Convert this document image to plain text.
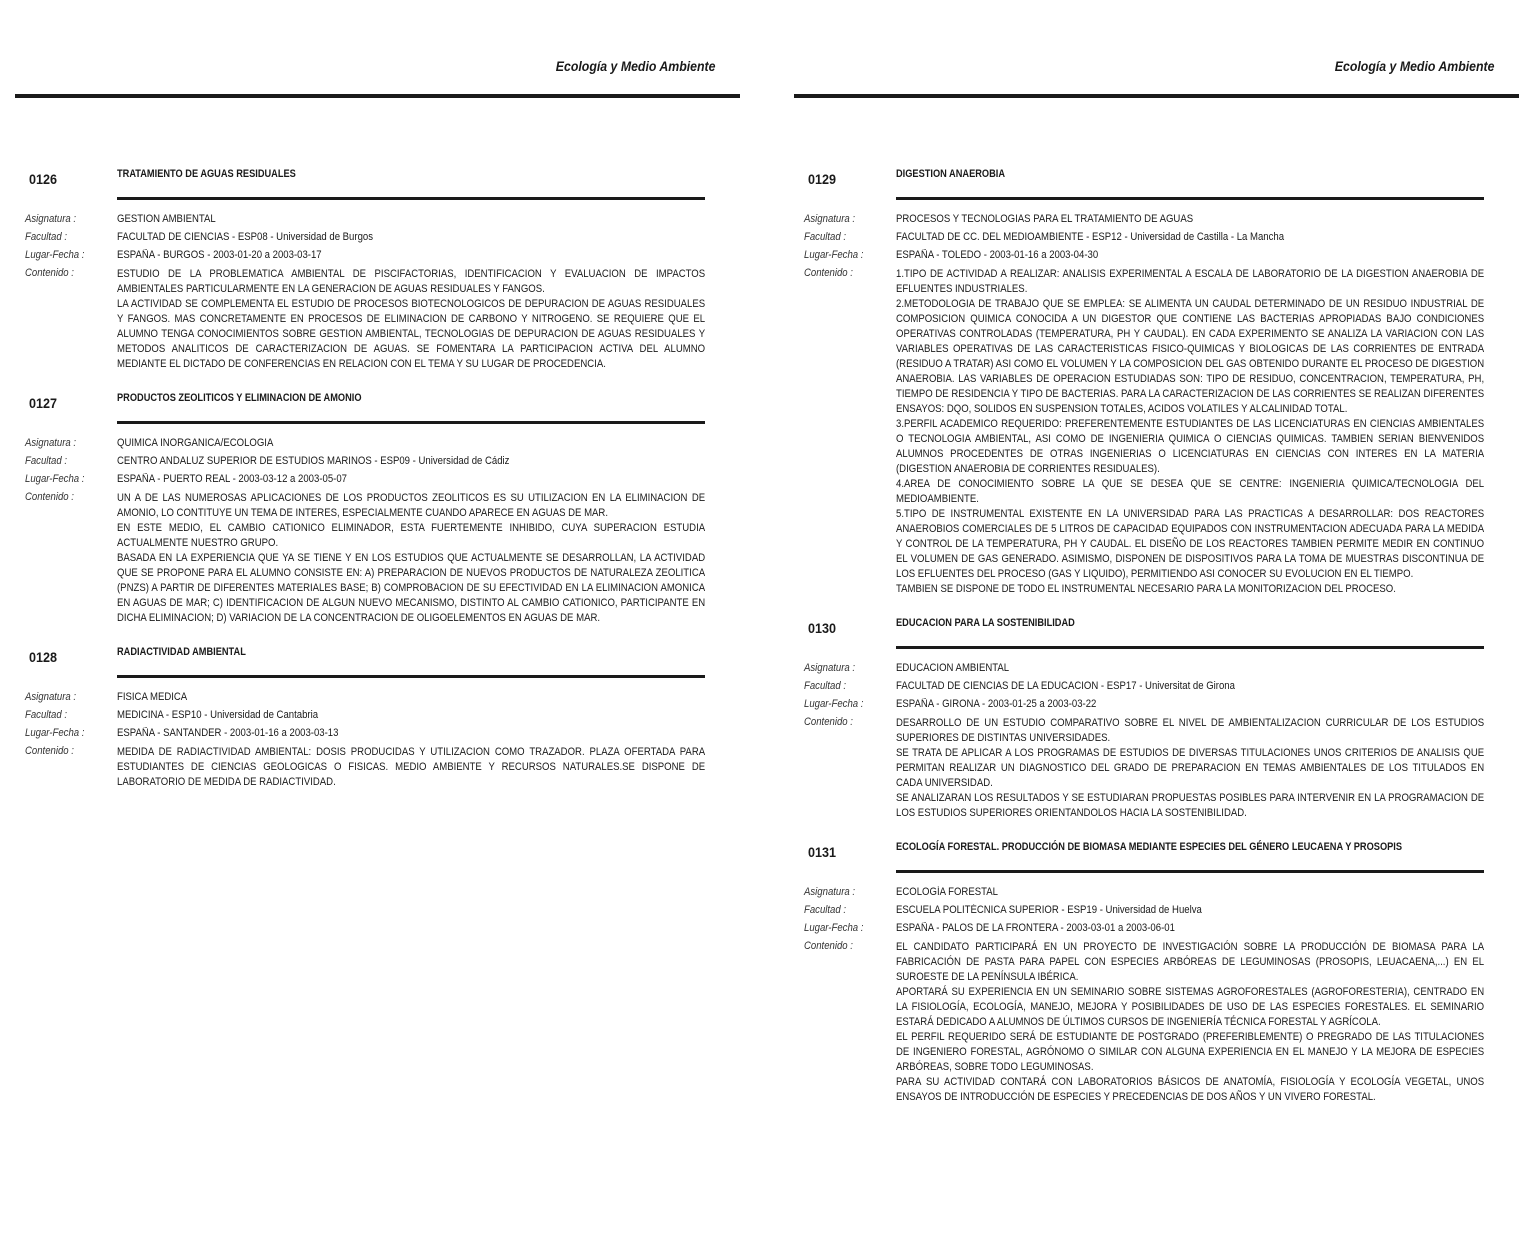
Ecología y Medio Ambiente
0126	TRATAMIENTO DE AGUAS RESIDUALES
Asignatura :	GESTION AMBIENTAL
Facultad :	FACULTAD DE CIENCIAS - ESP08 - Universidad de Burgos
Lugar-Fecha :	ESPAÑA - BURGOS - 2003-01-20 a 2003-03-17
Contenido :	ESTUDIO DE LA PROBLEMATICA AMBIENTAL DE PISCIFACTORIAS, IDENTIFICACION Y EVALUACION DE IMPACTOS AMBIENTALES PARTICULARMENTE EN LA GENERACION DE AGUAS RESIDUALES Y FANGOS.

LA ACTIVIDAD SE COMPLEMENTA EL ESTUDIO DE PROCESOS BIOTECNOLOGICOS DE DEPURACION DE AGUAS RESIDUALES Y FANGOS. MAS CONCRETAMENTE EN PROCESOS DE ELIMINACION DE CARBONO Y NITROGENO. SE REQUIERE QUE EL ALUMNO TENGA CONOCIMIENTOS SOBRE GESTION AMBIENTAL, TECNOLOGIAS DE DEPURACION DE AGUAS RESIDUALES Y METODOS ANALITICOS DE CARACTERIZACION DE AGUAS. SE FOMENTARA LA PARTICIPACION ACTIVA DEL ALUMNO MEDIANTE EL DICTADO DE CONFERENCIAS EN RELACION CON EL TEMA Y SU LUGAR DE PROCEDENCIA.

0127	PRODUCTOS ZEOLITICOS Y ELIMINACION DE AMONIO
Asignatura :	QUIMICA INORGANICA/ECOLOGIA
Facultad :	CENTRO ANDALUZ SUPERIOR DE ESTUDIOS MARINOS - ESP09 - Universidad de Cádiz
Lugar-Fecha :	ESPAÑA - PUERTO REAL - 2003-03-12 a 2003-05-07
Contenido :	UN A DE LAS NUMEROSAS APLICACIONES DE LOS PRODUCTOS ZEOLITICOS ES SU UTILIZACION EN LA ELIMINACION DE AMONIO, LO CONTITUYE UN TEMA DE INTERES, ESPECIALMENTE CUANDO APARECE EN AGUAS DE MAR.

EN ESTE MEDIO, EL CAMBIO CATIONICO ELIMINADOR, ESTA FUERTEMENTE INHIBIDO, CUYA SUPERACION ESTUDIA ACTUALMENTE NUESTRO GRUPO.

BASADA EN LA EXPERIENCIA QUE YA SE TIENE Y EN LOS ESTUDIOS QUE ACTUALMENTE SE DESARROLLAN, LA ACTIVIDAD QUE SE PROPONE PARA EL ALUMNO CONSISTE EN: A) PREPARACION DE NUEVOS PRODUCTOS DE NATURALEZA ZEOLITICA (PNZS) A PARTIR DE DIFERENTES MATERIALES BASE; B) COMPROBACION DE SU EFECTIVIDAD EN LA ELIMINACION AMONICA EN AGUAS DE MAR; C) IDENTIFICACION DE ALGUN NUEVO MECANISMO, DISTINTO AL CAMBIO CATIONICO, PARTICIPANTE EN DICHA ELIMINACION; D) VARIACION DE LA CONCENTRACION DE OLIGOELEMENTOS EN AGUAS DE MAR.

0128	RADIACTIVIDAD AMBIENTAL
Asignatura :	FISICA MEDICA
Facultad :	MEDICINA - ESP10 - Universidad de Cantabria
Lugar-Fecha :	ESPAÑA - SANTANDER - 2003-01-16 a 2003-03-13
Contenido :	MEDIDA DE RADIACTIVIDAD AMBIENTAL: DOSIS PRODUCIDAS Y UTILIZACION COMO TRAZADOR. PLAZA OFERTADA PARA ESTUDIANTES DE CIENCIAS GEOLOGICAS O FISICAS. MEDIO AMBIENTE Y RECURSOS NATURALES.SE DISPONE DE LABORATORIO DE MEDIDA DE RADIACTIVIDAD.

Ecología y Medio Ambiente
0129	DIGESTION ANAEROBIA
Asignatura :	PROCESOS Y TECNOLOGIAS PARA EL TRATAMIENTO DE AGUAS
Facultad :	FACULTAD DE CC. DEL MEDIOAMBIENTE - ESP12 - Universidad de Castilla - La Mancha
Lugar-Fecha :	ESPAÑA - TOLEDO - 2003-01-16 a 2003-04-30
Contenido :	1.TIPO DE ACTIVIDAD A REALIZAR: ANALISIS EXPERIMENTAL A ESCALA DE LABORATORIO DE LA DIGESTION ANAEROBIA DE EFLUENTES INDUSTRIALES.

2.METODOLOGIA DE TRABAJO QUE SE EMPLEA: SE ALIMENTA UN CAUDAL DETERMINADO DE UN RESIDUO INDUSTRIAL DE COMPOSICION QUIMICA CONOCIDA A UN DIGESTOR QUE CONTIENE LAS BACTERIAS APROPIADAS BAJO CONDICIONES OPERATIVAS CONTROLADAS (TEMPERATURA, PH Y CAUDAL). EN CADA EXPERIMENTO SE ANALIZA LA VARIACION CON LAS VARIABLES OPERATIVAS DE LAS CARACTERISTICAS FISICO-QUIMICAS Y BIOLOGICAS DE LAS CORRIENTES DE ENTRADA (RESIDUO A TRATAR) ASI COMO EL VOLUMEN Y LA COMPOSICION DEL GAS OBTENIDO DURANTE EL PROCESO DE DIGESTION ANAEROBIA. LAS VARIABLES DE OPERACION ESTUDIADAS SON: TIPO DE RESIDUO, CONCENTRACION, TEMPERATURA, PH, TIEMPO DE RESIDENCIA Y TIPO DE BACTERIAS. PARA LA CARACTERIZACION DE LAS CORRIENTES SE REALIZAN DIFERENTES ENSAYOS: DQO, SOLIDOS EN SUSPENSION TOTALES, ACIDOS VOLATILES Y ALCALINIDAD TOTAL.

3.PERFIL ACADEMICO REQUERIDO: PREFERENTEMENTE ESTUDIANTES DE LAS LICENCIATURAS EN CIENCIAS AMBIENTALES O TECNOLOGIA AMBIENTAL, ASI COMO DE INGENIERIA QUIMICA O CIENCIAS QUIMICAS. TAMBIEN SERIAN BIENVENIDOS ALUMNOS PROCEDENTES DE OTRAS INGENIERIAS O LICENCIATURAS EN CIENCIAS CON INTERES EN LA MATERIA (DIGESTION ANAEROBIA DE CORRIENTES RESIDUALES).

4.AREA DE CONOCIMIENTO SOBRE LA QUE SE DESEA QUE SE CENTRE: INGENIERIA QUIMICA/TECNOLOGIA DEL MEDIOAMBIENTE.

5.TIPO DE INSTRUMENTAL EXISTENTE EN LA UNIVERSIDAD PARA LAS PRACTICAS A DESARROLLAR: DOS REACTORES ANAEROBIOS COMERCIALES DE 5 LITROS DE CAPACIDAD EQUIPADOS CON INSTRUMENTACION ADECUADA PARA LA MEDIDA Y CONTROL DE LA TEMPERATURA, PH Y CAUDAL. EL DISEÑO DE LOS REACTORES TAMBIEN PERMITE MEDIR EN CONTINUO EL VOLUMEN DE GAS GENERADO. ASIMISMO, DISPONEN DE DISPOSITIVOS PARA LA TOMA DE MUESTRAS DISCONTINUA DE LOS EFLUENTES DEL PROCESO (GAS Y LIQUIDO), PERMITIENDO ASI CONOCER SU EVOLUCION EN EL TIEMPO.

TAMBIEN SE DISPONE DE TODO EL INSTRUMENTAL NECESARIO PARA LA MONITORIZACION DEL PROCESO.

0130	EDUCACION PARA LA SOSTENIBILIDAD
Asignatura :	EDUCACION AMBIENTAL
Facultad :	FACULTAD DE CIENCIAS DE LA EDUCACION - ESP17 - Universitat de Girona
Lugar-Fecha :	ESPAÑA - GIRONA - 2003-01-25 a 2003-03-22
Contenido :	DESARROLLO DE UN ESTUDIO COMPARATIVO SOBRE EL NIVEL DE AMBIENTALIZACION CURRICULAR DE LOS ESTUDIOS SUPERIORES DE DISTINTAS UNIVERSIDADES.

SE TRATA DE APLICAR A LOS PROGRAMAS DE ESTUDIOS DE DIVERSAS TITULACIONES UNOS CRITERIOS DE ANALISIS QUE PERMITAN REALIZAR UN DIAGNOSTICO DEL GRADO DE PREPARACION EN TEMAS AMBIENTALES DE LOS TITULADOS EN CADA UNIVERSIDAD.

SE ANALIZARAN LOS RESULTADOS Y SE ESTUDIARAN PROPUESTAS POSIBLES PARA INTERVENIR EN LA PROGRAMACION DE LOS ESTUDIOS SUPERIORES ORIENTANDOLOS HACIA LA SOSTENIBILIDAD.

0131	ECOLOGÍA FORESTAL. PRODUCCIÓN DE BIOMASA MEDIANTE ESPECIES DEL GÉNERO LEUCAENA Y PROSOPIS
Asignatura :	ECOLOGÍA FORESTAL
Facultad :	ESCUELA POLITÉCNICA SUPERIOR - ESP19 - Universidad de Huelva
Lugar-Fecha :	ESPAÑA - PALOS DE LA FRONTERA - 2003-03-01 a 2003-06-01
Contenido :	EL CANDIDATO PARTICIPARÁ EN UN PROYECTO DE INVESTIGACIÓN SOBRE LA PRODUCCIÓN DE BIOMASA PARA LA FABRICACIÓN DE PASTA PARA PAPEL CON ESPECIES ARBÓREAS DE LEGUMINOSAS (PROSOPIS, LEUACAENA,...) EN EL SUROESTE DE LA PENÍNSULA IBÉRICA.

APORTARÁ SU EXPERIENCIA EN UN SEMINARIO SOBRE SISTEMAS AGROFORESTALES (AGROFORESTERIA), CENTRADO EN LA FISIOLOGÍA, ECOLOGÍA, MANEJO, MEJORA Y POSIBILIDADES DE USO DE LAS ESPECIES FORESTALES. EL SEMINARIO ESTARÁ DEDICADO A ALUMNOS DE ÚLTIMOS CURSOS DE INGENIERÍA TÉCNICA FORESTAL Y AGRÍCOLA.

EL PERFIL REQUERIDO SERÁ DE ESTUDIANTE DE POSTGRADO (PREFERIBLEMENTE) O PREGRADO DE LAS TITULACIONES DE INGENIERO FORESTAL, AGRÓNOMO O SIMILAR CON ALGUNA EXPERIENCIA EN EL MANEJO Y LA MEJORA DE ESPECIES ARBÓREAS, SOBRE TODO LEGUMINOSAS.

PARA SU ACTIVIDAD CONTARÁ CON LABORATORIOS BÁSICOS DE ANATOMÍA, FISIOLOGÍA Y ECOLOGÍA VEGETAL, UNOS ENSAYOS DE INTRODUCCIÓN DE ESPECIES Y PRECEDENCIAS DE DOS AÑOS Y UN VIVERO FORESTAL.
